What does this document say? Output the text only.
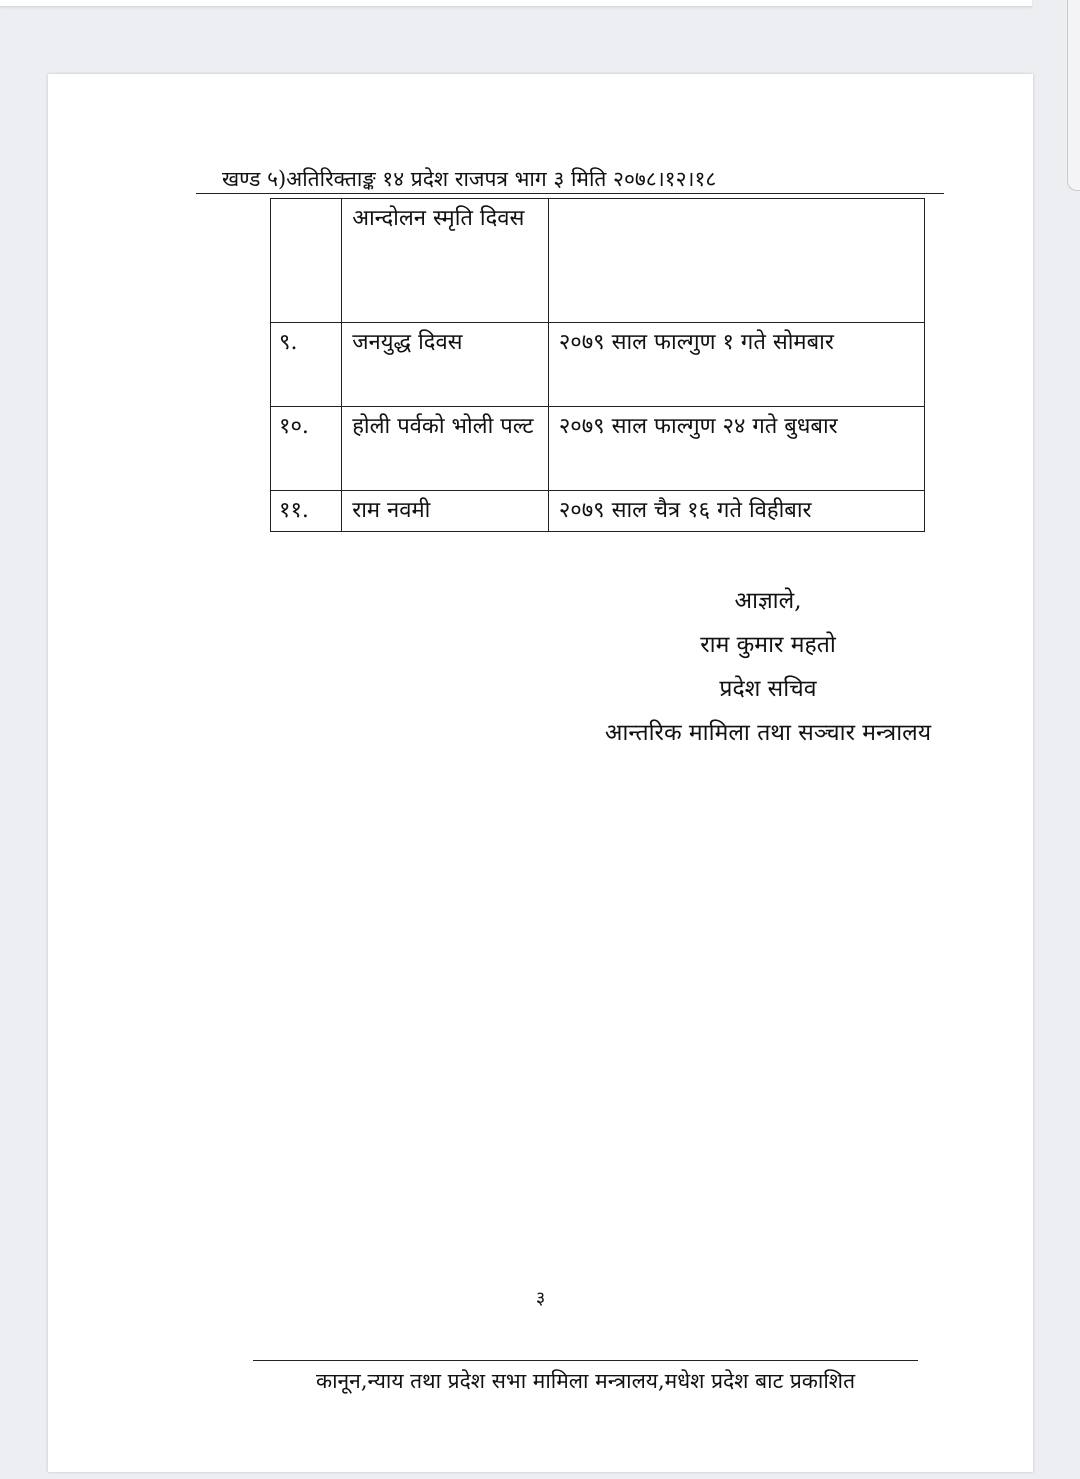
खण्ड ५)अतिरिक्ताङ्क १४ प्रदेश राजपत्र भाग ३ मिति २०७८।१२।१८
	आन्दोलन स्मृति दिवस	
९.	जनयुद्ध दिवस	२०७९ साल फाल्गुण १ गते सोमबार
१०.	होली पर्वको भोली पल्ट	२०७९ साल फाल्गुण २४ गते बुधबार
११.	राम नवमी	२०७९ साल चैत्र १६ गते विहीबार
आज्ञाले,
राम कुमार महतो
प्रदेश सचिव
आन्तरिक मामिला तथा सञ्चार मन्त्रालय
३
कानून,न्याय तथा प्रदेश सभा मामिला मन्त्रालय,मधेश प्रदेश बाट प्रकाशित
